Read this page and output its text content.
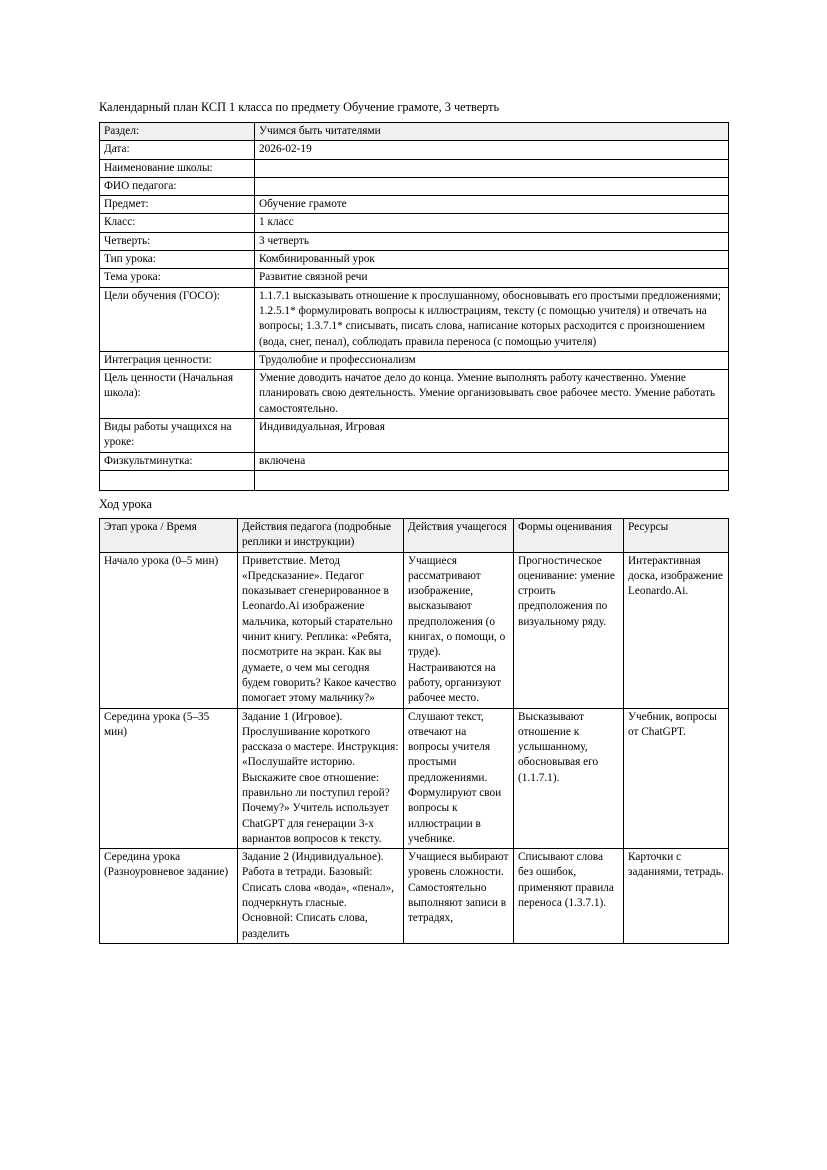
Календарный план КСП 1 класса по предмету Обучение грамоте, 3 четверть

Раздел:	Учимся быть читателями
Дата:	2026-02-19
Наименование школы:	
ФИО педагога:	
Предмет:	Обучение грамоте
Класс:	1 класс
Четверть:	3 четверть
Тип урока:	Комбинированный урок
Тема урока:	Развитие связной речи
Цели обучения (ГОСО):	1.1.7.1 высказывать отношение к прослушанному, обосновывать его простыми предложениями; 1.2.5.1* формулировать вопросы к иллюстрациям, тексту (с помощью учителя) и отвечать на вопросы; 1.3.7.1* списывать, писать слова, написание которых расходится с произношением (вода, снег, пенал), соблюдать правила переноса (с помощью учителя)
Интеграция ценности:	Трудолюбие и профессионализм
Цель ценности (Начальная школа):	Умение доводить начатое дело до конца. Умение выполнять работу качественно. Умение планировать свою деятельность. Умение организовывать свое рабочее место. Умение работать самостоятельно.
Виды работы учащихся на уроке:	Индивидуальная, Игровая
Физкультминутка:	включена

Ход урока

Этап урока / Время	Действия педагога (подробные реплики и инструкции)	Действия учащегося	Формы оценивания	Ресурсы
Начало урока (0–5 мин)	Приветствие. Метод «Предсказание». Педагог показывает сгенерированное в Leonardo.Ai изображение мальчика, который старательно чинит книгу. Реплика: «Ребята, посмотрите на экран. Как вы думаете, о чем мы сегодня будем говорить? Какое качество помогает этому мальчику?»	Учащиеся рассматривают изображение, высказывают предположения (о книгах, о помощи, о труде). Настраиваются на работу, организуют рабочее место.	Прогностическое оценивание: умение строить предположения по визуальному ряду.	Интерактивная доска, изображение Leonardo.Ai.
Середина урока (5–35 мин)	Задание 1 (Игровое). Прослушивание короткого рассказа о мастере. Инструкция: «Послушайте историю. Выскажите свое отношение: правильно ли поступил герой? Почему?» Учитель использует ChatGPT для генерации 3-х вариантов вопросов к тексту.	Слушают текст, отвечают на вопросы учителя простыми предложениями. Формулируют свои вопросы к иллюстрации в учебнике.	Высказывают отношение к услышанному, обосновывая его (1.1.7.1).	Учебник, вопросы от ChatGPT.
Середина урока (Разноуровневое задание)	Задание 2 (Индивидуальное). Работа в тетради. Базовый: Списать слова «вода», «пенал», подчеркнуть гласные. Основной: Списать слова, разделить	Учащиеся выбирают уровень сложности. Самостоятельно выполняют записи в тетрадях,	Списывают слова без ошибок, применяют правила переноса (1.3.7.1).	Карточки с заданиями, тетрадь.
